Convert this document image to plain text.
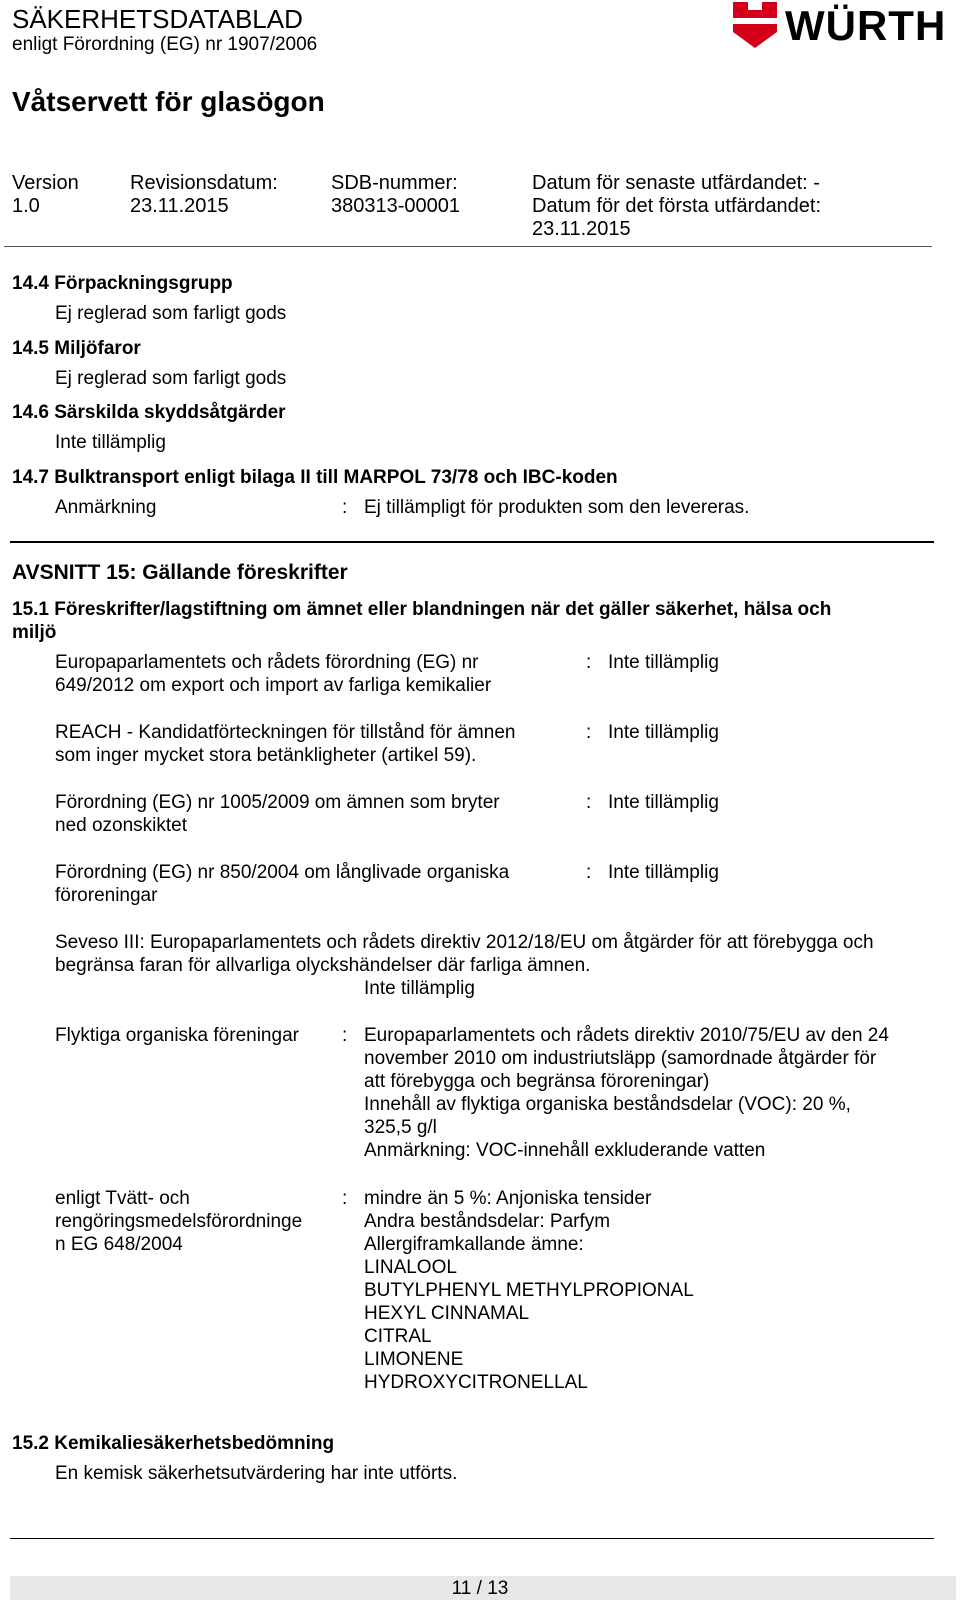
SÄKERHETSDATABLAD
enligt Förordning (EG) nr 1907/2006	WÜRTH
Våtservett för glasögon
Version
1.0
Revisionsdatum:
23.11.2015
SDB-nummer:
380313-00001
Datum för senaste utfärdandet: -
Datum för det första utfärdandet:
23.11.2015
14.4 Förpackningsgrupp
Ej reglerad som farligt gods
14.5 Miljöfaror
Ej reglerad som farligt gods
14.6 Särskilda skyddsåtgärder
Inte tillämplig
14.7 Bulktransport enligt bilaga II till MARPOL 73/78 och IBC-koden
Anmärkning	: Ej tillämpligt för produkten som den levereras.
AVSNITT 15: Gällande föreskrifter
15.1 Föreskrifter/lagstiftning om ämnet eller blandningen när det gäller säkerhet, hälsa och
miljö
Europaparlamentets och rådets förordning (EG) nr
649/2012 om export och import av farliga kemikalier
: Inte tillämplig
REACH - Kandidatförteckningen för tillstånd för ämnen
som inger mycket stora betänkligheter (artikel 59).
: Inte tillämplig
Förordning (EG) nr 1005/2009 om ämnen som bryter
ned ozonskiktet
: Inte tillämplig
Förordning (EG) nr 850/2004 om långlivade organiska
föroreningar
: Inte tillämplig
Seveso III: Europaparlamentets och rådets direktiv 2012/18/EU om åtgärder för att förebygga och
begränsa faran för allvarliga olyckshändelser där farliga ämnen.
Inte tillämplig
Flyktiga organiska föreningar : Europaparlamentets och rådets direktiv 2010/75/EU av den 24
november 2010 om industriutsläpp (samordnade åtgärder för
att förebygga och begränsa föroreningar)
Innehåll av flyktiga organiska beståndsdelar (VOC): 20 %,
325,5 g/l
Anmärkning: VOC-innehåll exkluderande vatten
enligt Tvätt- och
rengöringsmedelsförordninge
n EG 648/2004
: mindre än 5 %: Anjoniska tensider
Andra beståndsdelar: Parfym
Allergiframkallande ämne:
LINALOOL
BUTYLPHENYL METHYLPROPIONAL
HEXYL CINNAMAL
CITRAL
LIMONENE
HYDROXYCITRONELLAL
15.2 Kemikaliesäkerhetsbedömning
En kemisk säkerhetsutvärdering har inte utförts.
11 / 13
